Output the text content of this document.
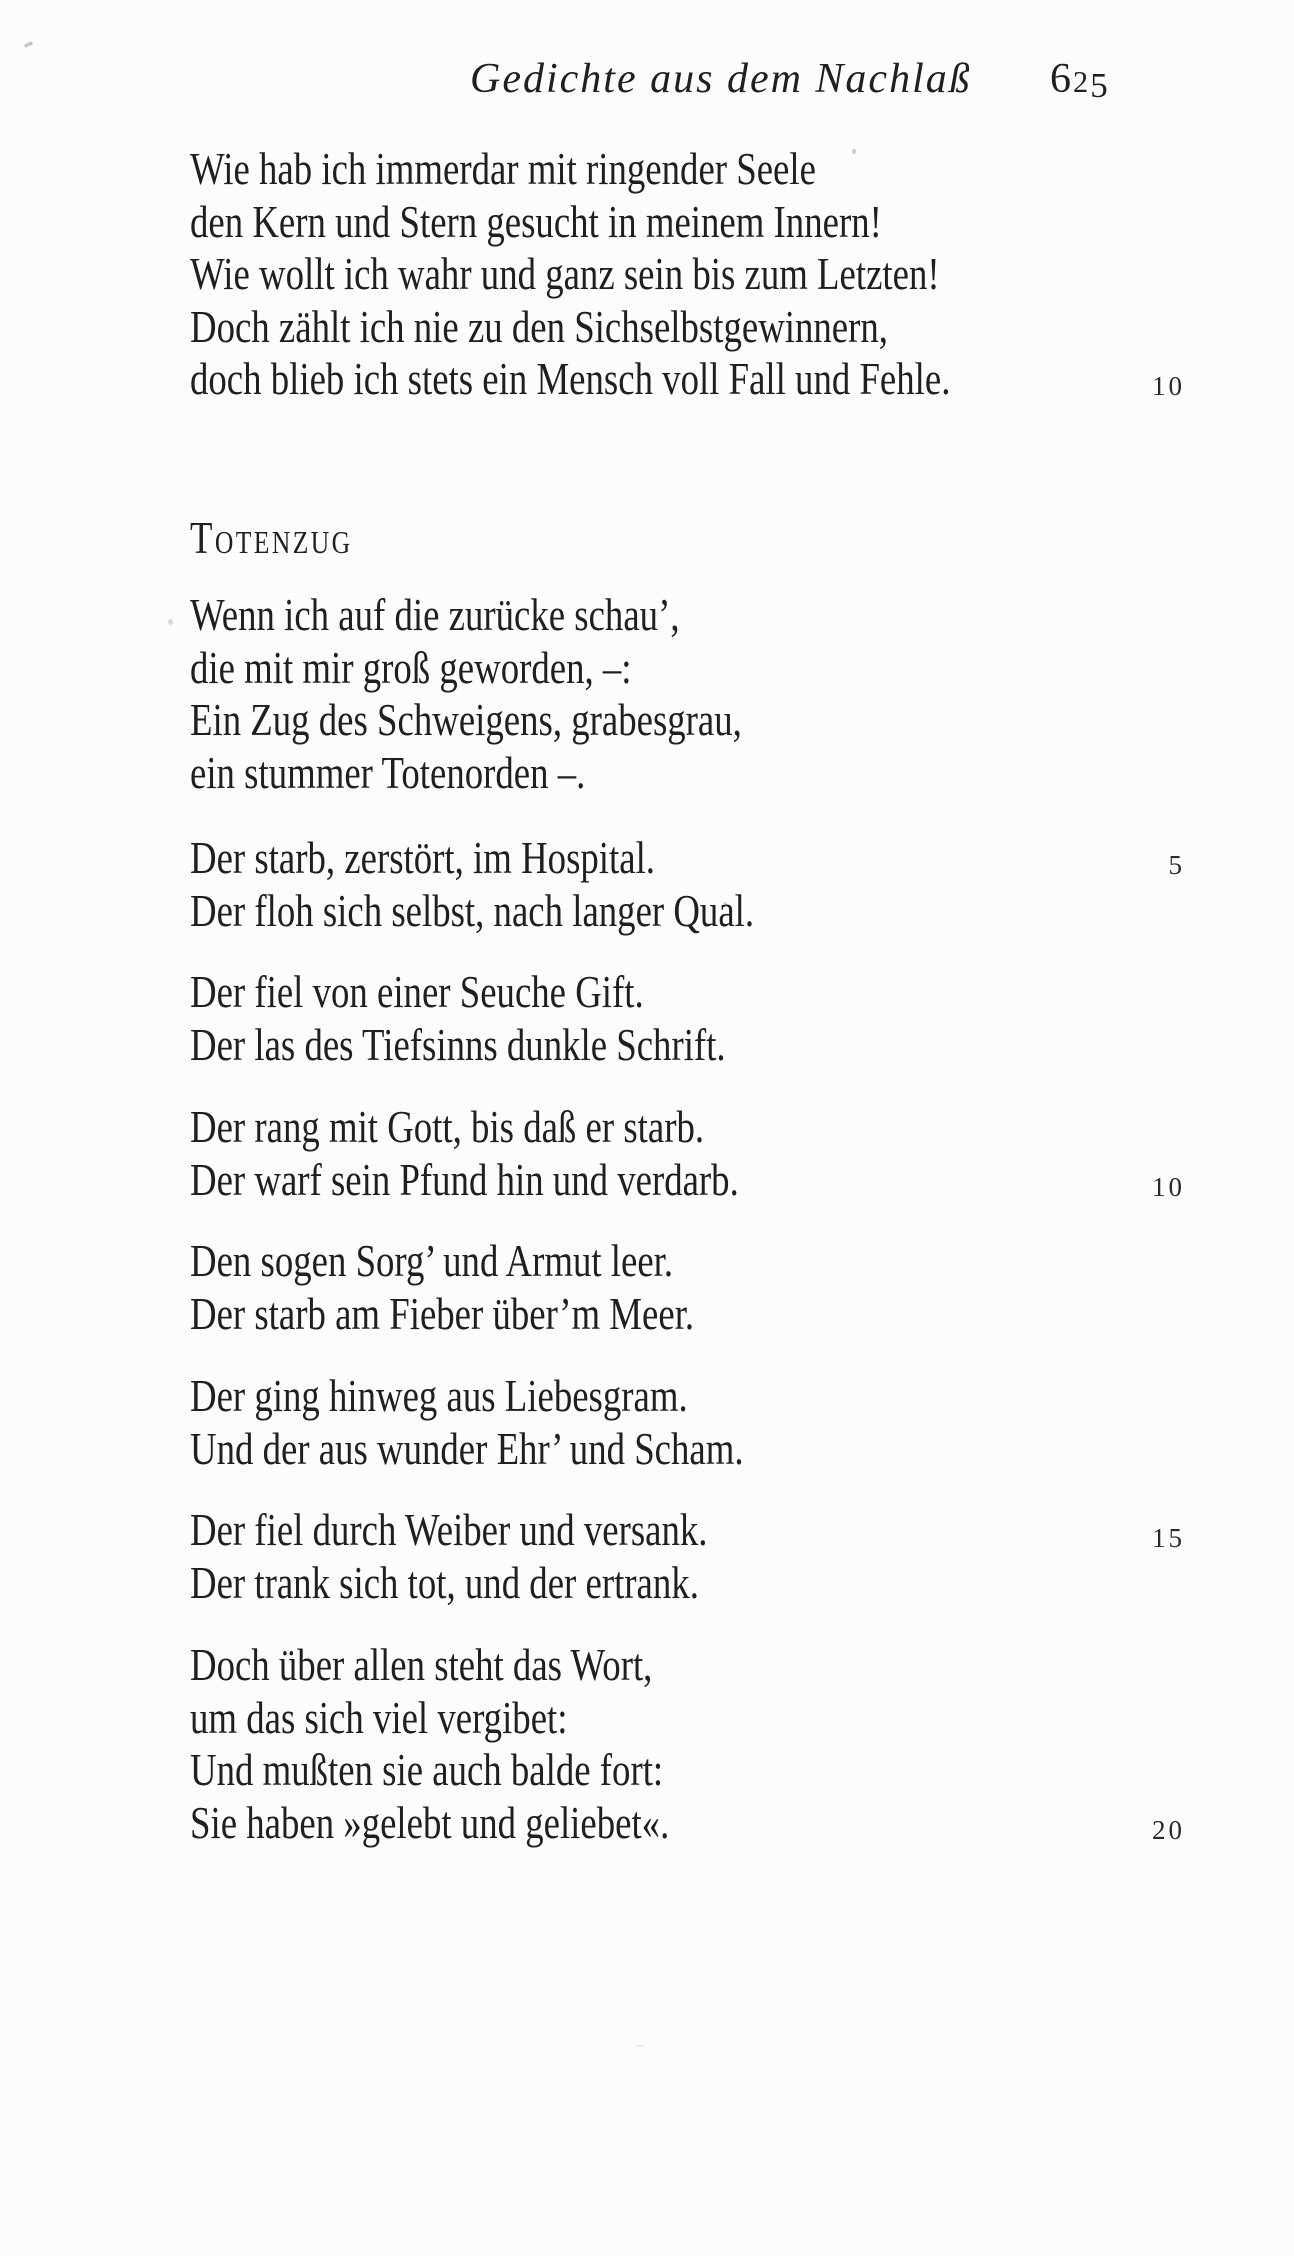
Gedichte aus dem Nachlaß 625
Wie hab ich immerdar mit ringender Seele
den Kern und Stern gesucht in meinem Innern!
Wie wollt ich wahr und ganz sein bis zum Letzten!
Doch zählt ich nie zu den Sichselbstgewinnern,
doch blieb ich stets ein Mensch voll Fall und Fehle.
Totenzug
Wenn ich auf die zurücke schau’,
die mit mir groß geworden, –:
Ein Zug des Schweigens, grabesgrau,
ein stummer Totenorden –.
Der starb, zerstört, im Hospital.
Der floh sich selbst, nach langer Qual.
Der fiel von einer Seuche Gift.
Der las des Tiefsinns dunkle Schrift.
Der rang mit Gott, bis daß er starb.
Der warf sein Pfund hin und verdarb.
Den sogen Sorg’ und Armut leer.
Der starb am Fieber über’m Meer.
Der ging hinweg aus Liebesgram.
Und der aus wunder Ehr’ und Scham.
Der fiel durch Weiber und versank.
Der trank sich tot, und der ertrank.
Doch über allen steht das Wort,
um das sich viel vergibet:
Und mußten sie auch balde fort:
Sie haben »gelebt und geliebet«.
10
5
10
15
20
